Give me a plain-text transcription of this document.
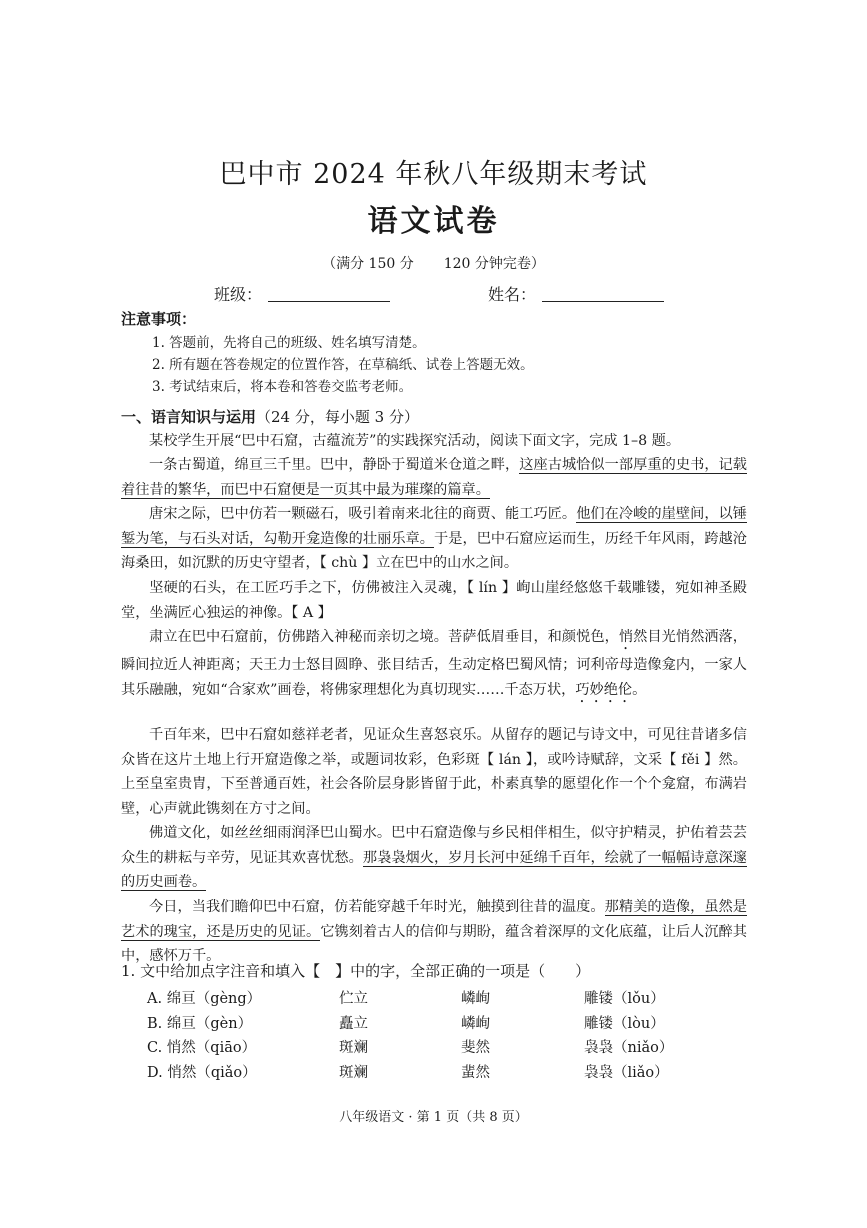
巴中市 2024 年秋八年级期末考试
语文试卷
（满分 150 分 120 分钟完卷）
班级：	姓名：
注意事项：
1. 答题前，先将自己的班级、姓名填写清楚。
2. 所有题在答卷规定的位置作答，在草稿纸、试卷上答题无效。
3. 考试结束后，将本卷和答卷交监考老师。
一、语言知识与运用（24 分，每小题 3 分）
某校学生开展“巴中石窟，古蕴流芳”的实践探究活动，阅读下面文字，完成 1–8 题。
一条古蜀道，绵亘三千里。巴中，静卧于蜀道米仓道之畔，这座古城恰似一部厚重的史书，记载着往昔的繁华，而巴中石窟便是一页其中最为璀璨的篇章。
唐宋之际，巴中仿若一颗磁石，吸引着南来北往的商贾、能工巧匠。他们在冷峻的崖壁间，以锤錾为笔，与石头对话，勾勒开龛造像的壮丽乐章。于是，巴中石窟应运而生，历经千年风雨，跨越沧海桑田，如沉默的历史守望者，【 chù 】立在巴中的山水之间。
坚硬的石头，在工匠巧手之下，仿佛被注入灵魂，【 lín 】峋山崖经悠悠千载雕镂，宛如神圣殿堂，坐满匠心独运的神像。【 A 】
肃立在巴中石窟前，仿佛踏入神秘而亲切之境。菩萨低眉垂目，和颜悦色，悄然目光悄然洒落，瞬间拉近人神距离；天王力士怒目圆睁、张目结舌，生动定格巴蜀风情；诃利帝母造像龛内，一家人其乐融融，宛如“合家欢”画卷，将佛家理想化为真切现实……千态万状，巧妙绝伦。
千百年来，巴中石窟如慈祥老者，见证众生喜怒哀乐。从留存的题记与诗文中，可见往昔诸多信众皆在这片土地上行开窟造像之举，或题词妆彩，色彩斑【 lán 】，或吟诗赋辞，文采【 fěi 】然。上至皇室贵胄，下至普通百姓，社会各阶层身影皆留于此，朴素真挚的愿望化作一个个龛窟，布满岩壁，心声就此镌刻在方寸之间。
佛道文化，如丝丝细雨润泽巴山蜀水。巴中石窟造像与乡民相伴相生，似守护精灵，护佑着芸芸众生的耕耘与辛劳，见证其欢喜忧愁。那袅袅烟火，岁月长河中延绵千百年，绘就了一幅幅诗意深邃的历史画卷。
今日，当我们瞻仰巴中石窟，仿若能穿越千年时光，触摸到往昔的温度。那精美的造像，虽然是艺术的瑰宝，还是历史的见证。它镌刻着古人的信仰与期盼，蕴含着深厚的文化底蕴，让后人沉醉其中，感怀万千。
1. 文中给加点字注音和填入【　】中的字，全部正确的一项是（　　）
A. 绵亘（gèng）	伫立	嶙峋	雕镂（lǒu）
B. 绵亘（gèn）	矗立	嶙峋	雕镂（lòu）
C. 悄然（qiāo）	斑斓	斐然	袅袅（niǎo）
D. 悄然（qiǎo）	斑斓	蜚然	袅袅（liǎo）
八年级语文 · 第 1 页（共 8 页）
